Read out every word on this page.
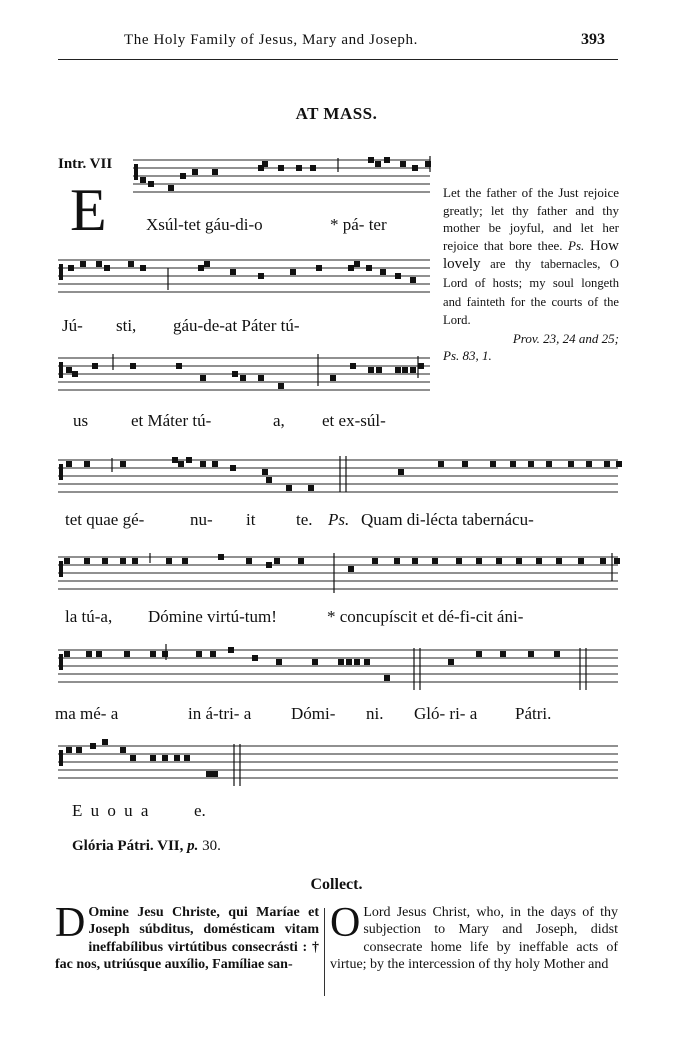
The Holy Family of Jesus, Mary and Joseph.	393
AT MASS.
Intr. VII
E Xsúl-tet gáu-di-o	* pá- ter
Jú- sti, gáu-de-at Páter tú-
us	et Máter tú-	a, et ex-súl-
tet quae gé-	nu- it te. Ps. Quam di-lécta tabernácu-
la tú-a, Dómine virtú-tum!	* concupíscit et dé-fi-cit áni-
ma mé- a	in á-tri- a Dómi- ni. Gló- ri- a Pátri.
E u o u a	e.
Let the father of the Just rejoice greatly; let thy father and thy mother be joyful, and let her rejoice that bore thee. Ps. How lovely are thy tabernacles, O Lord of hosts; my soul longeth and fainteth for the courts of the Lord.
Prov. 23, 24 and 25;
Ps. 83, 1.
Glória Pátri. VII, p. 30.
Collect.
D Omine Jesu Christe, qui Maríae et Joseph súbditus, domésticam vitam ineffabílibus virtútibus consecrásti : † fac nos, utriúsque auxílio, Famíliae san-
O Lord Jesus Christ, who, in the days of thy subjection to Mary and Joseph, didst consecrate home life by ineffable acts of virtue; by the intercession of thy holy Mother and
